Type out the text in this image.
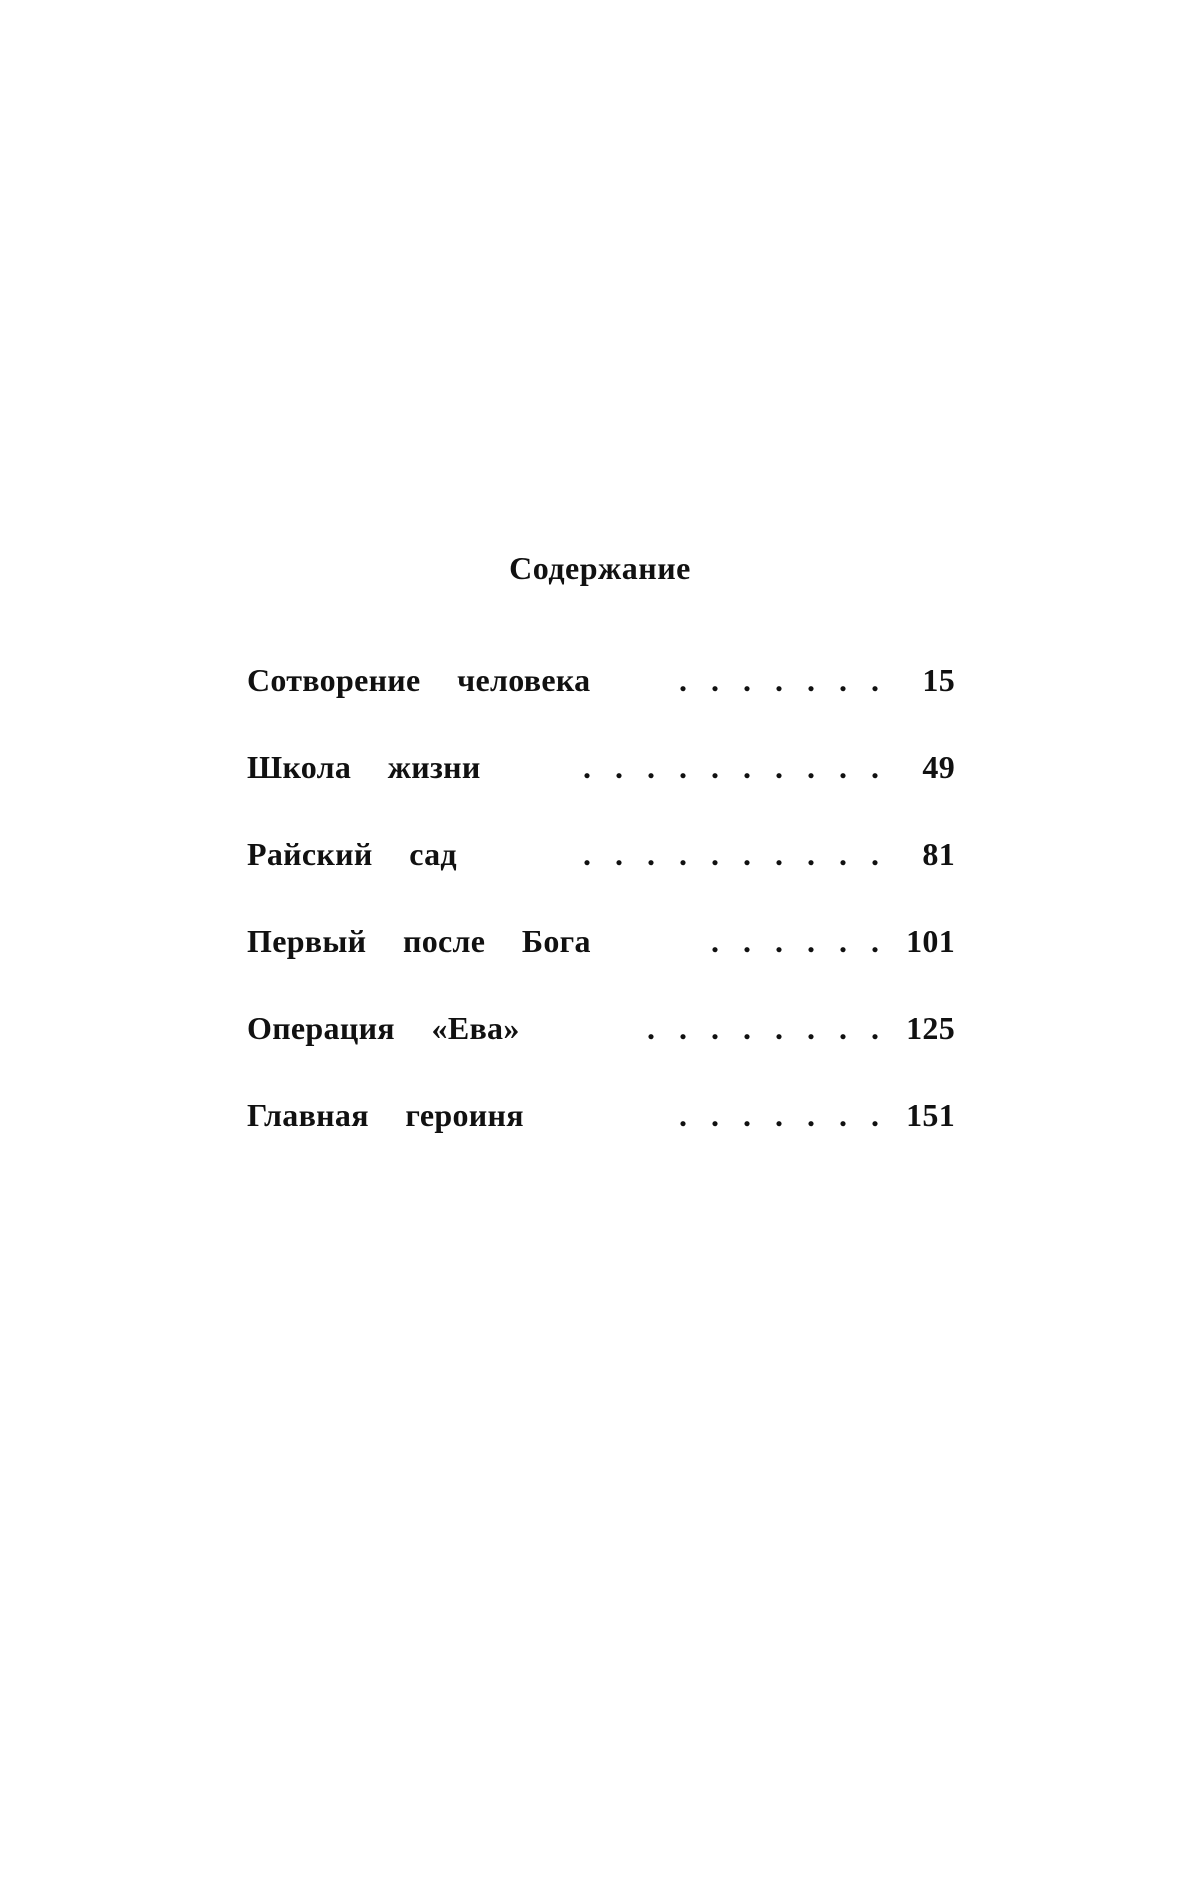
Содержание
Сотворение  человека	....... 15
Школа  жизни	.......... 49
Райский  сад	.......... 81
Первый  после  Бога	...... 101
Операция  «Ева»	........ 125
Главная  героиня	....... 151
